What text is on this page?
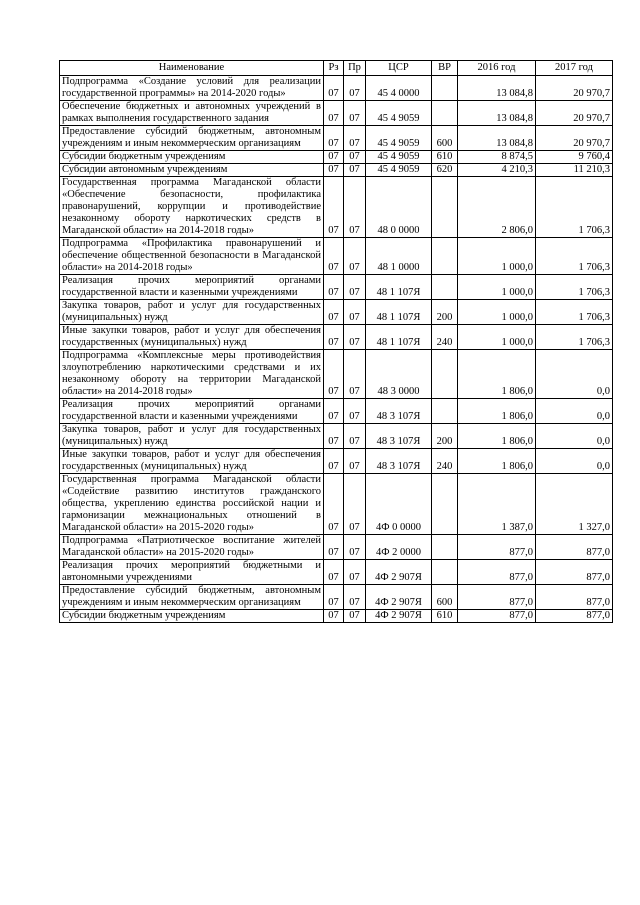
Наименование	Рз	Пр	ЦСР	ВР	2016 год	2017 год
Подпрограмма «Создание условий для реализации государственной программы» на 2014-2020 годы»	07	07	45 4 0000		13 084,8	20 970,7
Обеспечение бюджетных и автономных учреждений в рамках выполнения государственного задания	07	07	45 4 9059		13 084,8	20 970,7
Предоставление субсидий бюджетным, автономным учреждениям и иным некоммерческим организациям	07	07	45 4 9059	600	13 084,8	20 970,7
Субсидии бюджетным учреждениям	07	07	45 4 9059	610	8 874,5	9 760,4
Субсидии автономным учреждениям	07	07	45 4 9059	620	4 210,3	11 210,3
Государственная программа Магаданской области «Обеспечение безопасности, профилактика правонарушений, коррупции и противодействие незаконному обороту наркотических средств в Магаданской области» на 2014-2018 годы»	07	07	48 0 0000		2 806,0	1 706,3
Подпрограмма «Профилактика правонарушений и обеспечение общественной безопасности в Магаданской области» на 2014-2018 годы»	07	07	48 1 0000		1 000,0	1 706,3
Реализация прочих мероприятий органами государственной власти и казенными учреждениями	07	07	48 1 107Я		1 000,0	1 706,3
Закупка товаров, работ и услуг для государственных (муниципальных) нужд	07	07	48 1 107Я	200	1 000,0	1 706,3
Иные закупки товаров, работ и услуг для обеспечения государственных (муниципальных) нужд	07	07	48 1 107Я	240	1 000,0	1 706,3
Подпрограмма «Комплексные меры противодействия злоупотреблению наркотическими средствами и их незаконному обороту на территории Магаданской области» на 2014-2018 годы»	07	07	48 3 0000		1 806,0	0,0
Реализация прочих мероприятий органами государственной власти и казенными учреждениями	07	07	48 3 107Я		1 806,0	0,0
Закупка товаров, работ и услуг для государственных (муниципальных) нужд	07	07	48 3 107Я	200	1 806,0	0,0
Иные закупки товаров, работ и услуг для обеспечения государственных (муниципальных) нужд	07	07	48 3 107Я	240	1 806,0	0,0
Государственная программа Магаданской области «Содействие развитию институтов гражданского общества, укреплению единства российской нации и гармонизации межнациональных отношений в Магаданской области» на 2015-2020 годы»	07	07	4Ф 0 0000		1 387,0	1 327,0
Подпрограмма «Патриотическое воспитание жителей Магаданской области» на 2015-2020 годы»	07	07	4Ф 2 0000		877,0	877,0
Реализация прочих мероприятий бюджетными и автономными учреждениями	07	07	4Ф 2 907Я		877,0	877,0
Предоставление субсидий бюджетным, автономным учреждениям и иным некоммерческим организациям	07	07	4Ф 2 907Я	600	877,0	877,0
Субсидии бюджетным учреждениям	07	07	4Ф 2 907Я	610	877,0	877,0
